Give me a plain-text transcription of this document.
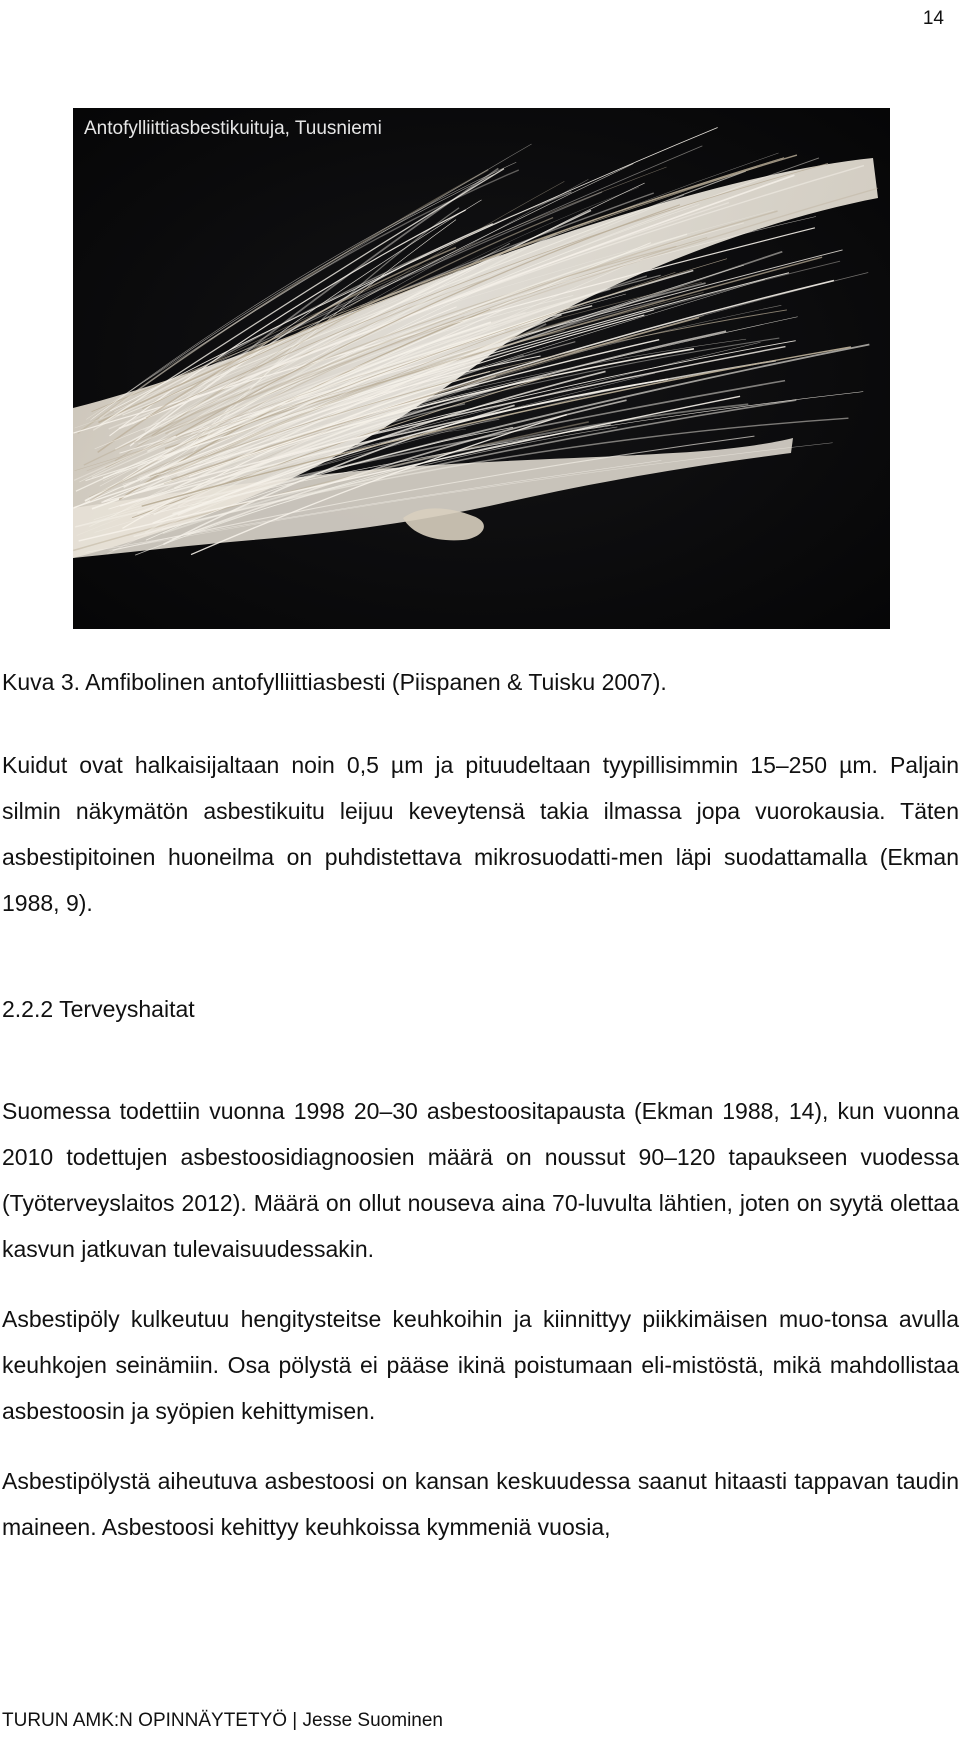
14
Antofylliittiasbestikuituja, Tuusniemi
Kuva 3. Amfibolinen antofylliittiasbesti (Piispanen & Tuisku 2007).

Kuidut ovat halkaisijaltaan noin 0,5 µm ja pituudeltaan tyypillisimmin 15–250 µm. Paljain silmin näkymätön asbestikuitu leijuu keveytensä takia ilmassa jopa vuorokausia. Täten asbestipitoinen huoneilma on puhdistettava mikrosuodatti-men läpi suodattamalla (Ekman 1988, 9).

2.2.2 Terveyshaitat

Suomessa todettiin vuonna 1998 20–30 asbestoositapausta (Ekman 1988, 14), kun vuonna 2010 todettujen asbestoosidiagnoosien määrä on noussut 90–120 tapaukseen vuodessa (Työterveyslaitos 2012). Määrä on ollut nouseva aina 70-luvulta lähtien, joten on syytä olettaa kasvun jatkuvan tulevaisuudessakin.

Asbestipöly kulkeutuu hengitysteitse keuhkoihin ja kiinnittyy piikkimäisen muo-tonsa avulla keuhkojen seinämiin. Osa pölystä ei pääse ikinä poistumaan eli-mistöstä, mikä mahdollistaa asbestoosin ja syöpien kehittymisen.

Asbestipölystä aiheutuva asbestoosi on kansan keskuudessa saanut hitaasti tappavan taudin maineen. Asbestoosi kehittyy keuhkoissa kymmeniä vuosia,

TURUN AMK:N OPINNÄYTETYÖ | Jesse Suominen
